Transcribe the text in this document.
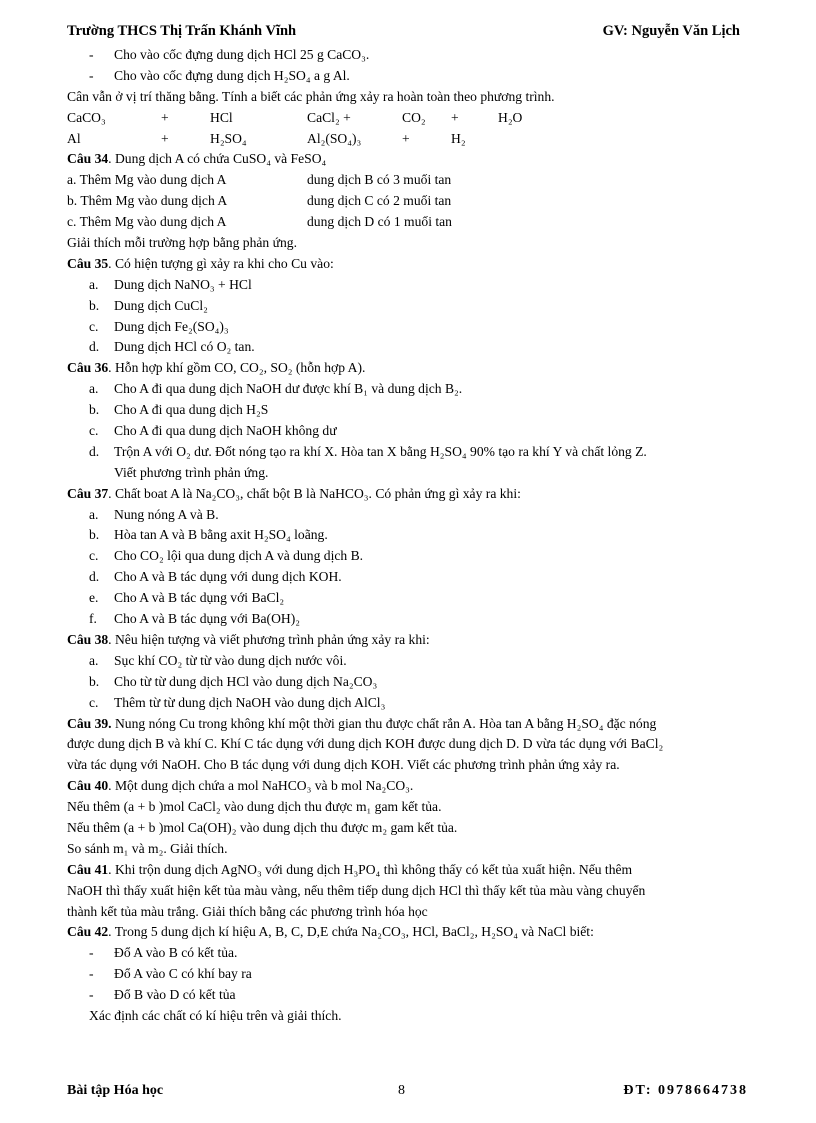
Trường THCS Thị Trấn Khánh Vĩnh	GV: Nguyễn Văn Lịch
- Cho vào cốc đựng dung dịch HCl 25 g CaCO₃.
- Cho vào cốc đựng dung dịch H₂SO₄ a g Al.
Cân vẫn ở vị trí thăng bằng. Tính a biết các phản ứng xảy ra hoàn toàn theo phương trình.
CaCO₃	+	HCl	CaCl₂ +	CO₂ +	H₂O
Al	+	H₂SO₄	Al₂(SO₄)₃	+	H₂
Câu 34. Dung dịch A có chứa CuSO₄ và FeSO₄
a. Thêm Mg vào dung dịch A	dung dịch B có 3 muối tan
b. Thêm Mg vào dung dịch A	dung dịch C có 2 muối tan
c. Thêm Mg vào dung dịch A	dung dịch D có 1 muối tan
Giải thích mỗi trường hợp bằng phản ứng.
Câu 35. Có hiện tượng gì xảy ra khi cho Cu vào:
a. Dung dịch NaNO₃ + HCl
b. Dung dịch CuCl₂
c. Dung dịch Fe₂(SO₄)₃
d. Dung dịch HCl có O₂ tan.
Câu 36. Hỗn hợp khí gồm CO, CO₂, SO₂ (hỗn hợp A).
a. Cho A đi qua dung dịch NaOH dư được khí B₁ và dung dịch B₂.
b. Cho A đi qua dung dịch H₂S
c. Cho A đi qua dung dịch NaOH không dư
d. Trộn A với O₂ dư. Đốt nóng tạo ra khí X. Hòa tan X bằng H₂SO₄ 90% tạo ra khí Y và chất lỏng Z.
Viết phương trình phản ứng.
Câu 37. Chất boat A là Na₂CO₃, chất bột B là NaHCO₃. Có phản ứng gì xảy ra khi:
a. Nung nóng A và B.
b. Hòa tan A và B bằng axit H₂SO₄ loãng.
c. Cho CO₂ lội qua dung dịch A và dung dịch B.
d. Cho A và B tác dụng với dung dịch KOH.
e. Cho A và B tác dụng với BaCl₂
f. Cho A và B tác dụng với Ba(OH)₂
Câu 38. Nêu hiện tượng và viết phương trình phản ứng xảy ra khi:
a. Sục khí CO₂ từ từ vào dung dịch nước vôi.
b. Cho từ từ dung dịch HCl vào dung dịch Na₂CO₃
c. Thêm từ từ dung dịch NaOH vào dung dịch AlCl₃
Câu 39. Nung nóng Cu trong không khí một thời gian thu được chất rắn A. Hòa tan A bằng H₂SO₄ đặc nóng
được dung dịch B và khí C. Khí C tác dụng với dung dịch KOH được dung dịch D. D vừa tác dụng với BaCl₂
vừa tác dụng với NaOH. Cho B tác dụng với dung dịch KOH. Viết các phương trình phản ứng xảy ra.
Câu 40. Một dung dịch chứa a mol NaHCO₃ và b mol Na₂CO₃.
Nếu thêm (a + b )mol CaCl₂ vào dung dịch thu được m₁ gam kết tủa.
Nếu thêm (a + b )mol Ca(OH)₂ vào dung dịch thu được m₂ gam kết tủa.
So sánh m₁ và m₂. Giải thích.
Câu 41. Khi trộn dung dịch AgNO₃ với dung dịch H₃PO₄ thì không thấy có kết tủa xuất hiện. Nếu thêm
NaOH thì thấy xuất hiện kết tủa màu vàng, nếu thêm tiếp dung dịch HCl thì thấy kết tủa màu vàng chuyển
thành kết tủa màu trắng. Giải thích bằng các phương trình hóa học
Câu 42. Trong 5 dung dịch kí hiệu A, B, C, D,E chứa Na₂CO₃, HCl, BaCl₂, H₂SO₄ và NaCl biết:
- Đổ A vào B có kết tủa.
- Đổ A vào C có khí bay ra
- Đổ B vào D có kết tủa
Xác định các chất có kí hiệu trên và giải thích.
Bài tập Hóa học	8	ĐT: 0978664738
